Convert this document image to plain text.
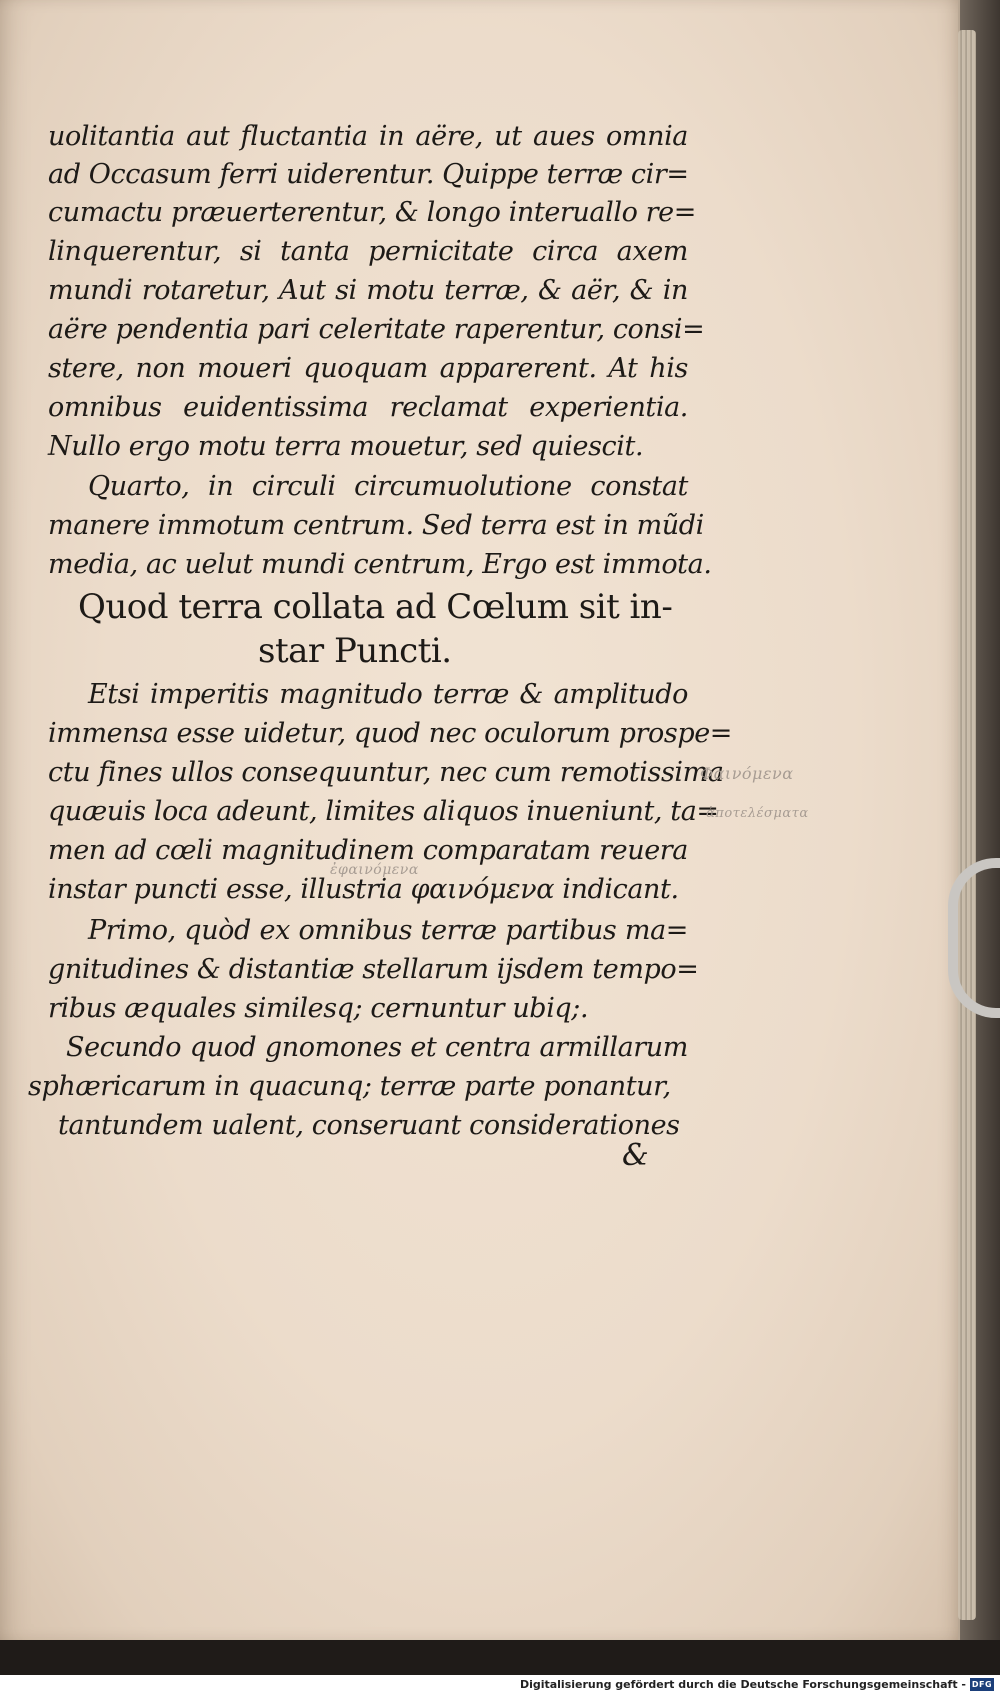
uolitantia aut fluctantia in aëre, ut aues omnia
ad Occasum ferri uiderentur. Quippe terræ cir=
cumactu præuerterentur, & longo interuallo re=
linquerentur, si tanta pernicitate circa axem
mundi rotaretur, Aut si motu terræ, & aër, & in
aëre pendentia pari celeritate raperentur, consi=
stere, non moueri quoquam apparerent. At his
omnibus euidentissima reclamat experientia.
Nullo ergo motu terra mouetur, sed quiescit.
Quarto, in circuli circumuolutione constat
manere immotum centrum. Sed terra est in mũdi
media, ac uelut mundi centrum, Ergo est immota.
Quod terra collata ad Cœlum sit in-
star Puncti.
Etsi imperitis magnitudo terræ & amplitudo
immensa esse uidetur, quod nec oculorum prospe=
ctu fines ullos consequuntur, nec cum remotissima
quæuis loca adeunt, limites aliquos inueniunt, ta=
men ad cœli magnitudinem comparatam reuera
ἐφαινόμενα
instar puncti esse, illustria φαινόμενα indicant.
Primo, quòd ex omnibus terræ partibus ma=
gnitudines & distantiæ stellarum ijsdem tempo=
ribus æquales similesq; cernuntur ubiq;.
Secundo quod gnomones et centra armillarum
sphæricarum in quacunq; terræ parte ponantur,
tantundem ualent, conseruant considerationes
&
Φαινόμενα
ἀποτελέσματα
Digitalisierung gefördert durch die Deutsche Forschungsgemeinschaft - DFG
